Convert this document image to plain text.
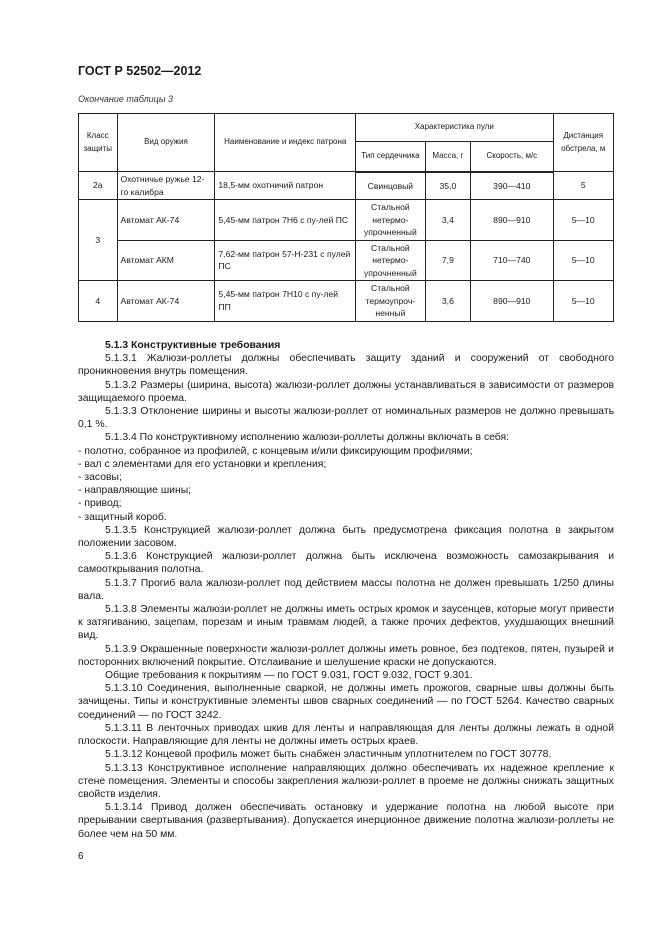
ГОСТ Р 52502—2012
Окончание таблицы 3
Класс защиты	Вид оружия	Наименование и индекс патрона	Характеристика пули			Дистанция обстрела, м
			Тип сердечника	Масса, г	Скорость, м/с	
2а	Охотничье ружье 12-го калибра	18,5-мм охотничий патрон	Свинцовый	35,0	390—410	5
3	Автомат АК-74	5,45-мм патрон 7Н6 с пу-лей ПС	Стальной нетермо-упрочненный	3,4	890—910	5—10
	Автомат АКМ	7,62-мм патрон 57-Н-231 с пулей ПС	Стальной нетермо-упрочненный	7,9	710—740	5—10
4	Автомат АК-74	5,45-мм патрон 7Н10 с пу-лей ПП	Стальной термоупроч-ненный	3,6	890—910	5—10

5.1.3 Конструктивные требования

5.1.3.1 Жалюзи-роллеты должны обеспечивать защиту зданий и сооружений от свободного проникновения внутрь помещения.

5.1.3.2 Размеры (ширина, высота) жалюзи-роллет должны устанавливаться в зависимости от размеров защищаемого проема.

5.1.3.3 Отклонение ширины и высоты жалюзи-роллет от номинальных размеров не должно превышать 0,1 %.

5.1.3.4 По конструктивному исполнению жалюзи-роллеты должны включать в себя:

- полотно, собранное из профилей, с концевым и/или фиксирующим профилями;

- вал с элементами для его установки и крепления;

- засовы;

- направляющие шины;

- привод;

- защитный короб.

5.1.3.5 Конструкцией жалюзи-роллет должна быть предусмотрена фиксация полотна в закрытом положении засовом.

5.1.3.6 Конструкцией жалюзи-роллет должна быть исключена возможность самозакрывания и самооткрывания полотна.

5.1.3.7 Прогиб вала жалюзи-роллет под действием массы полотна не должен превышать 1/250 длины вала.

5.1.3.8 Элементы жалюзи-роллет не должны иметь острых кромок и заусенцев, которые могут привести к затягиванию, зацепам, порезам и иным травмам людей, а также прочих дефектов, ухудшающих внешний вид.

5.1.3.9 Окрашенные поверхности жалюзи-роллет должны иметь ровное, без подтеков, пятен, пузырей и посторонних включений покрытие. Отслаивание и шелушение краски не допускаются.

Общие требования к покрытиям — по ГОСТ 9.031, ГОСТ 9.032, ГОСТ 9.301.

5.1.3.10 Соединения, выполненные сваркой, не должны иметь прожогов, сварные швы должны быть зачищены. Типы и конструктивные элементы швов сварных соединений — по ГОСТ 5264. Качество сварных соединений — по ГОСТ 3242.

5.1.3.11 В ленточных приводах шкив для ленты и направляющая для ленты должны лежать в одной плоскости. Направляющие для ленты не должны иметь острых краев.

5.1.3.12 Концевой профиль может быть снабжен эластичным уплотнителем по ГОСТ 30778.

5.1.3.13 Конструктивное исполнение направляющих должно обеспечивать их надежное крепление к стене помещения. Элементы и способы закрепления жалюзи-роллет в проеме не должны снижать защитных свойств изделия.

5.1.3.14 Привод должен обеспечивать остановку и удержание полотна на любой высоте при прерывании свертывания (развертывания). Допускается инерционное движение полотна жалюзи-роллеты не более чем на 50 мм.

6
